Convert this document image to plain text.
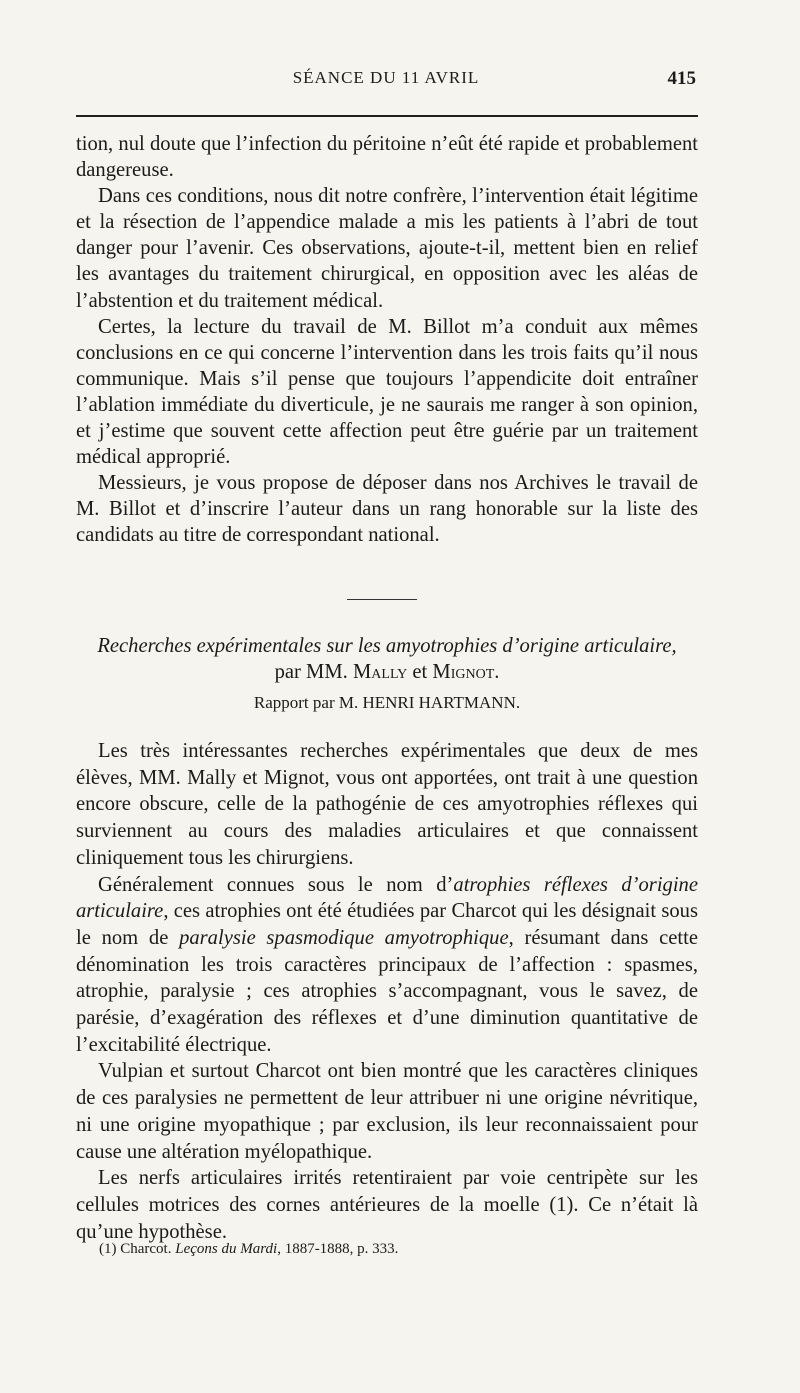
SÉANCE DU 11 AVRIL	415

tion, nul doute que l’infection du péritoine n’eût été rapide et probablement dangereuse.

Dans ces conditions, nous dit notre confrère, l’intervention était légitime et la résection de l’appendice malade a mis les patients à l’abri de tout danger pour l’avenir. Ces observations, ajoute-t-il, mettent bien en relief les avantages du traitement chirurgical, en opposition avec les aléas de l’abstention et du traitement médical.

Certes, la lecture du travail de M. Billot m’a conduit aux mêmes conclusions en ce qui concerne l’intervention dans les trois faits qu’il nous communique. Mais s’il pense que toujours l’appendicite doit entraîner l’ablation immédiate du diverticule, je ne saurais me ranger à son opinion, et j’estime que souvent cette affection peut être guérie par un traitement médical approprié.

Messieurs, je vous propose de déposer dans nos Archives le travail de M. Billot et d’inscrire l’auteur dans un rang honorable sur la liste des candidats au titre de correspondant national.

Recherches expérimentales sur les amyotrophies d’origine articulaire,
par MM. Mally et Mignot.
Rapport par M. HENRI HARTMANN.

Les très intéressantes recherches expérimentales que deux de mes élèves, MM. Mally et Mignot, vous ont apportées, ont trait à une question encore obscure, celle de la pathogénie de ces amyotrophies réflexes qui surviennent au cours des maladies articulaires et que connaissent cliniquement tous les chirurgiens.

Généralement connues sous le nom d’atrophies réflexes d’origine articulaire, ces atrophies ont été étudiées par Charcot qui les désignait sous le nom de paralysie spasmodique amyotrophique, résumant dans cette dénomination les trois caractères principaux de l’affection : spasmes, atrophie, paralysie ; ces atrophies s’accompagnant, vous le savez, de parésie, d’exagération des réflexes et d’une diminution quantitative de l’excitabilité électrique.

Vulpian et surtout Charcot ont bien montré que les caractères cliniques de ces paralysies ne permettent de leur attribuer ni une origine névritique, ni une origine myopathique ; par exclusion, ils leur reconnaissaient pour cause une altération myélopathique.

Les nerfs articulaires irrités retentiraient par voie centripète sur les cellules motrices des cornes antérieures de la moelle (1). Ce n’était là qu’une hypothèse.

(1) Charcot. Leçons du Mardi, 1887-1888, p. 333.
